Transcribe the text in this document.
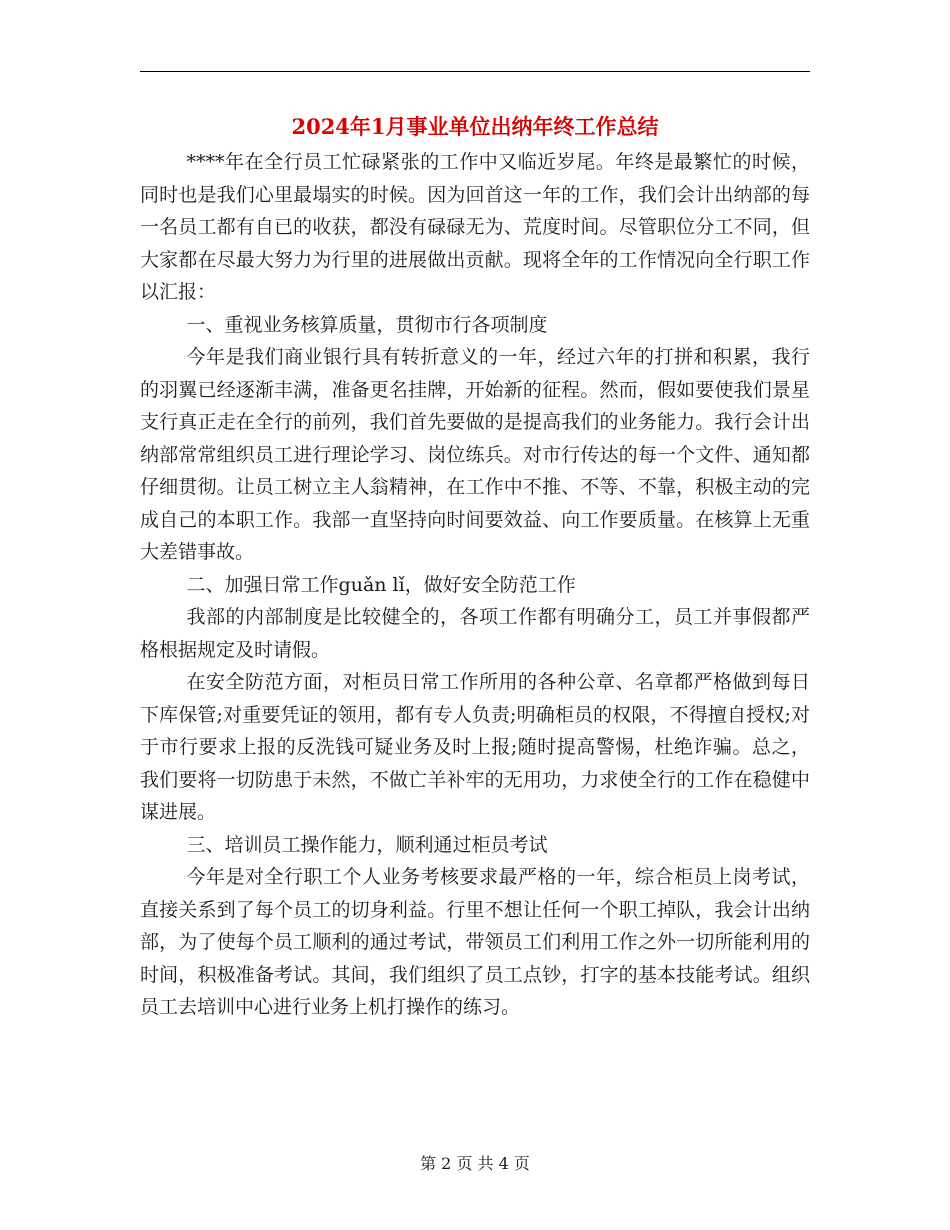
2024年1月事业单位出纳年终工作总结

****年在全行员工忙碌紧张的工作中又临近岁尾。年终是最繁忙的时候，同时也是我们心里最塌实的时候。因为回首这一年的工作，我们会计出纳部的每一名员工都有自已的收获，都没有碌碌无为、荒度时间。尽管职位分工不同，但大家都在尽最大努力为行里的进展做出贡献。现将全年的工作情况向全行职工作以汇报：

一、重视业务核算质量，贯彻市行各项制度

今年是我们商业银行具有转折意义的一年，经过六年的打拼和积累，我行的羽翼已经逐渐丰满，准备更名挂牌，开始新的征程。然而，假如要使我们景星支行真正走在全行的前列，我们首先要做的是提高我们的业务能力。我行会计出纳部常常组织员工进行理论学习、岗位练兵。对市行传达的每一个文件、通知都仔细贯彻。让员工树立主人翁精神，在工作中不推、不等、不靠，积极主动的完成自己的本职工作。我部一直坚持向时间要效益、向工作要质量。在核算上无重大差错事故。

二、加强日常工作guǎn lǐ，做好安全防范工作

我部的内部制度是比较健全的，各项工作都有明确分工，员工并事假都严格根据规定及时请假。

在安全防范方面，对柜员日常工作所用的各种公章、名章都严格做到每日下库保管;对重要凭证的领用，都有专人负责;明确柜员的权限，不得擅自授权;对于市行要求上报的反洗钱可疑业务及时上报;随时提高警惕，杜绝诈骗。总之，我们要将一切防患于未然，不做亡羊补牢的无用功，力求使全行的工作在稳健中谋进展。

三、培训员工操作能力，顺利通过柜员考试

今年是对全行职工个人业务考核要求最严格的一年，综合柜员上岗考试，直接关系到了每个员工的切身利益。行里不想让任何一个职工掉队，我会计出纳部，为了使每个员工顺利的通过考试，带领员工们利用工作之外一切所能利用的时间，积极准备考试。其间，我们组织了员工点钞，打字的基本技能考试。组织员工去培训中心进行业务上机打操作的练习。

第 2 页 共 4 页
